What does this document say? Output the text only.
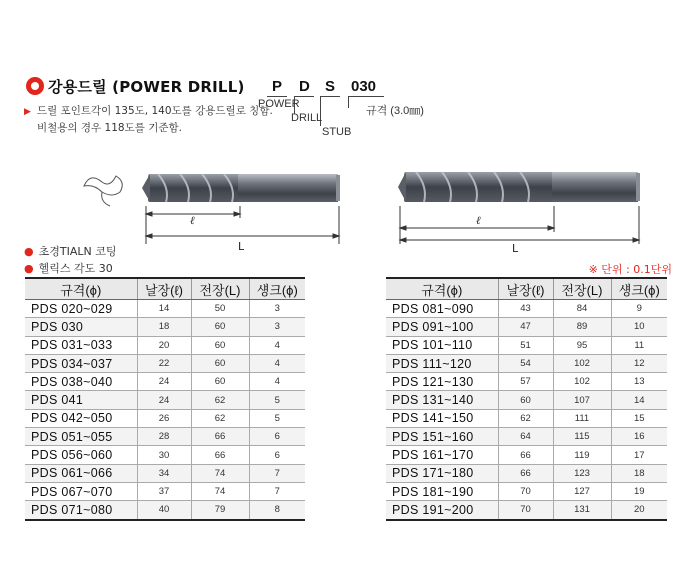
강용드릴 (POWER DRILL)
▶ 드릴 포인트각이 135도, 140도를 강용드릴로 칭함.
비철용의 경우 118도를 기준함.
P D S 030
POWER
DRILL
STUB
규격 (3.0㎜)
ℓ
L
ℓ
L
● 초경TIALN 코팅
● 헬릭스 각도 30	※ 단위 : 0.1단위
규격(ϕ)	날장(ℓ)	전장(L)	섕크(ϕ)
PDS 020~029	14	50	3
PDS 030	18	60	3
PDS 031~033	20	60	4
PDS 034~037	22	60	4
PDS 038~040	24	60	4
PDS 041	24	62	5
PDS 042~050	26	62	5
PDS 051~055	28	66	6
PDS 056~060	30	66	6
PDS 061~066	34	74	7
PDS 067~070	37	74	7
PDS 071~080	40	79	8
규격(ϕ)	날장(ℓ)	전장(L)	섕크(ϕ)
PDS 081~090	43	84	9
PDS 091~100	47	89	10
PDS 101~110	51	95	11
PDS 111~120	54	102	12
PDS 121~130	57	102	13
PDS 131~140	60	107	14
PDS 141~150	62	111	15
PDS 151~160	64	115	16
PDS 161~170	66	119	17
PDS 171~180	66	123	18
PDS 181~190	70	127	19
PDS 191~200	70	131	20
